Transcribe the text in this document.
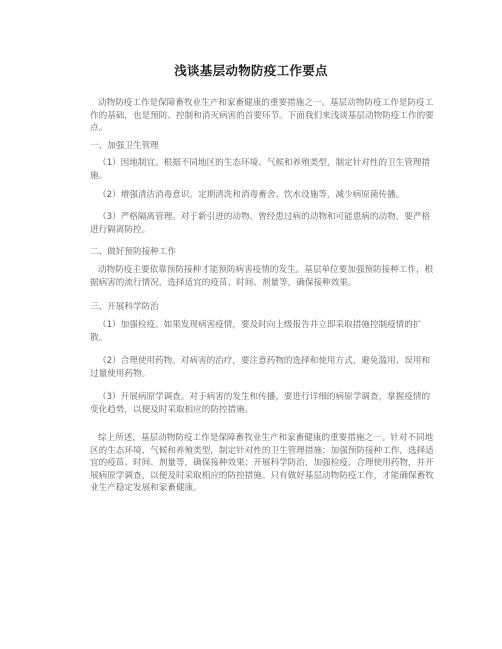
浅谈基层动物防疫工作要点

动物防疫工作是保障畜牧业生产和家畜健康的重要措施之一。基层动物防疫工作是防疫工作的基础，也是预防、控制和消灭病害的首要环节。下面我们来浅谈基层动物防疫工作的要点。

一、加强卫生管理

（1）因地制宜。根据不同地区的生态环境、气候和养殖类型，制定针对性的卫生管理措施。

（2）增强清洁消毒意识。定期清洗和消毒畜舍、饮水设施等，减少病原菌传播。

（3）严格隔离管理。对于新引进的动物、曾经患过病的动物和可能患病的动物，要严格进行隔离防控。

二、做好预防接种工作

动物防疫主要依靠预防接种才能预防病害疫情的发生。基层单位要加强预防接种工作，根据病害的流行情况，选择适宜的疫苗、时间、剂量等，确保接种效果。

三、开展科学防治

（1）加强检疫。如果发现病害疫情，要及时向上级报告并立即采取措施控制疫情的扩散。

（2）合理使用药物。对病害的治疗，要注意药物的选择和使用方式，避免滥用、误用和过量使用药物。

（3）开展病原学调查。对于病害的发生和传播，要进行详细的病原学调查，掌握疫情的变化趋势，以便及时采取相应的防控措施。

综上所述，基层动物防疫工作是保障畜牧业生产和家畜健康的重要措施之一。针对不同地区的生态环境、气候和养殖类型，制定针对性的卫生管理措施；加强预防接种工作，选择适宜的疫苗、时间、剂量等，确保接种效果；开展科学防治，加强检疫、合理使用药物，并开展病原学调查，以便及时采取相应的防控措施。只有做好基层动物防疫工作，才能确保畜牧业生产稳定发展和家畜健康。
